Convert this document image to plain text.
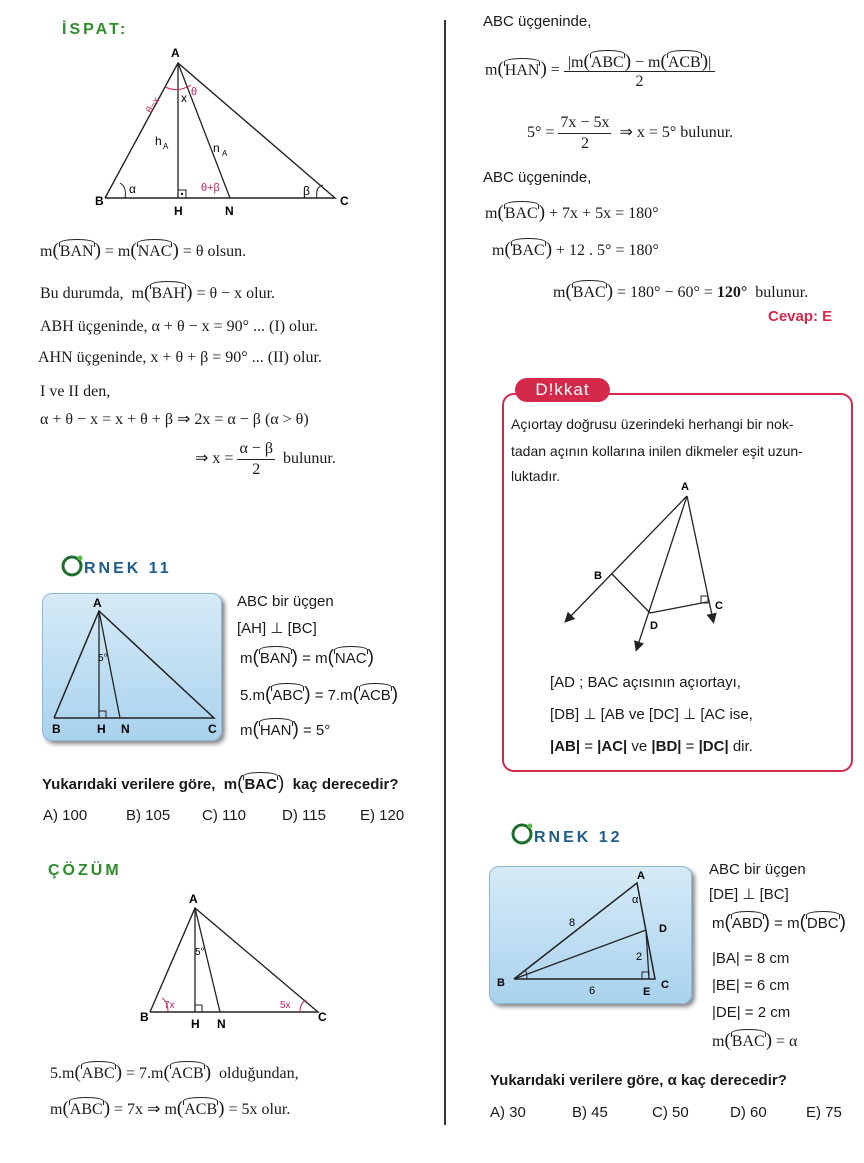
İSPAT:
A
B	C
H	N
h A	n A
x θ
θ−x
θ+β
α	β
m(BAN) = m(NAC) = θ olsun.
Bu durumda,  m(BAH) = θ − x olur.
ABH üçgeninde, α + θ − x = 90° ... (I) olur.
AHN üçgeninde, x + θ + β = 90° ... (II) olur.
I ve II den,
α + θ − x = x + θ + β ⇒ 2x = α − β (α > θ)
⇒ $x = \frac{\alpha - \beta}{2}$ bulunur.
RNEK 11
A
B	H N	C
5°
ABC bir üçgen
[AH] ⊥ [BC]
m(BAN) = m(NAC)
5.m(ABC) = 7.m(ACB)
m(HAN) = 5°
Yukarıdaki verilere göre,  m(BAC) kaç derecedir?
A) 100	B) 105 C) 110 D) 115 E) 120
ÇÖZÜM
A
B	H N	C
5°
7x	5x
5.m(ABC) = 7.m(ACB) olduğundan,
m(ABC) = 7x ⇒ m(ACB) = 5x olur.
ABC üçgeninde,
$m(HAN) = \frac{\text{|m(ABC) − m(ACB)|}}{2}$
$5^\circ = \frac{7x - 5x}{2}$ ⇒ x = 5° bulunur.
ABC üçgeninde,
m(BAC) + 7x + 5x = 180°
m(BAC) + 12 . 5° = 180°
m(BAC) = 180° − 60° = 120° bulunur.
Cevap: E
D!kkat
Açıortay doğrusu üzerindeki herhangi bir nok-
tadan açının kollarına inilen dikmeler eşit uzun-
luktadır.
A
B
C
D
[AD ; BAC açısının açıortayı,
[DB] ⊥ [AB ve [DC] ⊥ [AC ise,
|AB| = |AC| ve |BD| = |DC| dir.
RNEK 12
A
B	C
D
E
8
6
2
α
ABC bir üçgen
[DE] ⊥ [BC]
m(ABD) = m(DBC)
|BA| = 8 cm
|BE| = 6 cm
|DE| = 2 cm
m(BAC) = α
Yukarıdaki verilere göre, α kaç derecedir?
A) 30	B) 45	C) 50	D) 60	E) 75
